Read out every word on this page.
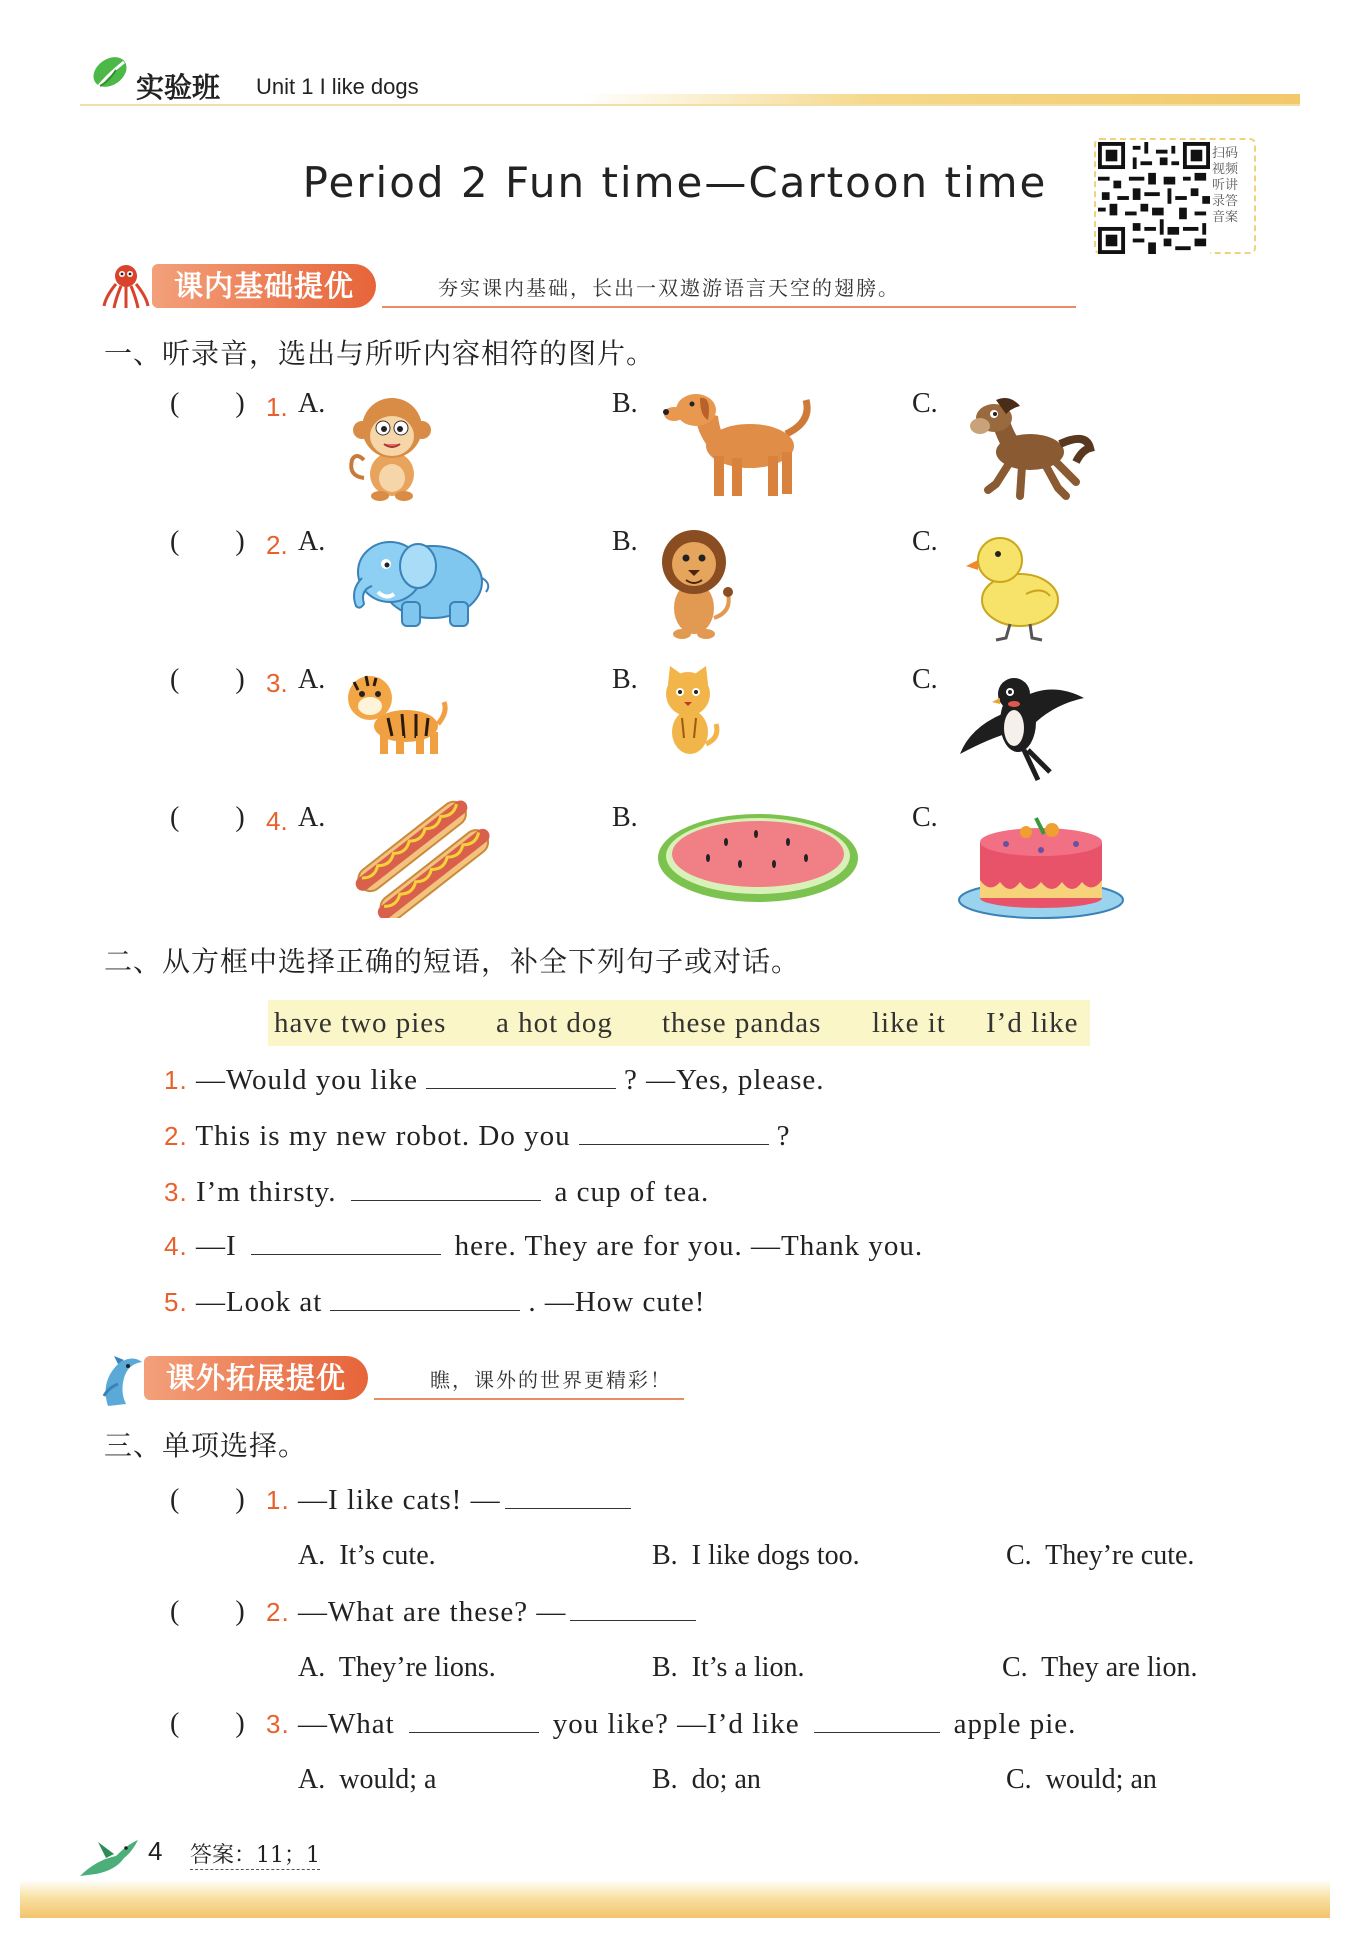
实验班 Unit 1 I like dogs
Period 2 Fun time—Cartoon time
扫码视频听讲录答音案
课内基础提优	夯实课内基础，长出一双遨游语言天空的翅膀。
一、听录音，选出与所听内容相符的图片。
(        ) 1. A.	B.	C.
(        ) 2. A.	B.	C.
(        ) 3. A.	B.	C.
(        ) 4. A.	B.	C.
二、从方框中选择正确的短语，补全下列句子或对话。
have two pies a hot dog these pandas like it I’d like
1. —Would you like	? —Yes, please.
2. This is my new robot. Do you	?
3. I’m thirsty.	a cup of tea.
4. —I	here. They are for you. —Thank you.
5. —Look at	. —How cute!
课外拓展提优	瞧，课外的世界更精彩！
三、单项选择。
(        ) 1. —I like cats! —
A.  It’s cute.	B.  I like dogs too.	C.  They’re cute.
(        ) 2. —What are these? —
A.  They’re lions.	B.  It’s a lion.	C.  They are lion.
(        ) 3. —What	you like? —I’d like	apple pie.
A.  would; a	B.  do; an	C.  would; an
4 答案：11；1
